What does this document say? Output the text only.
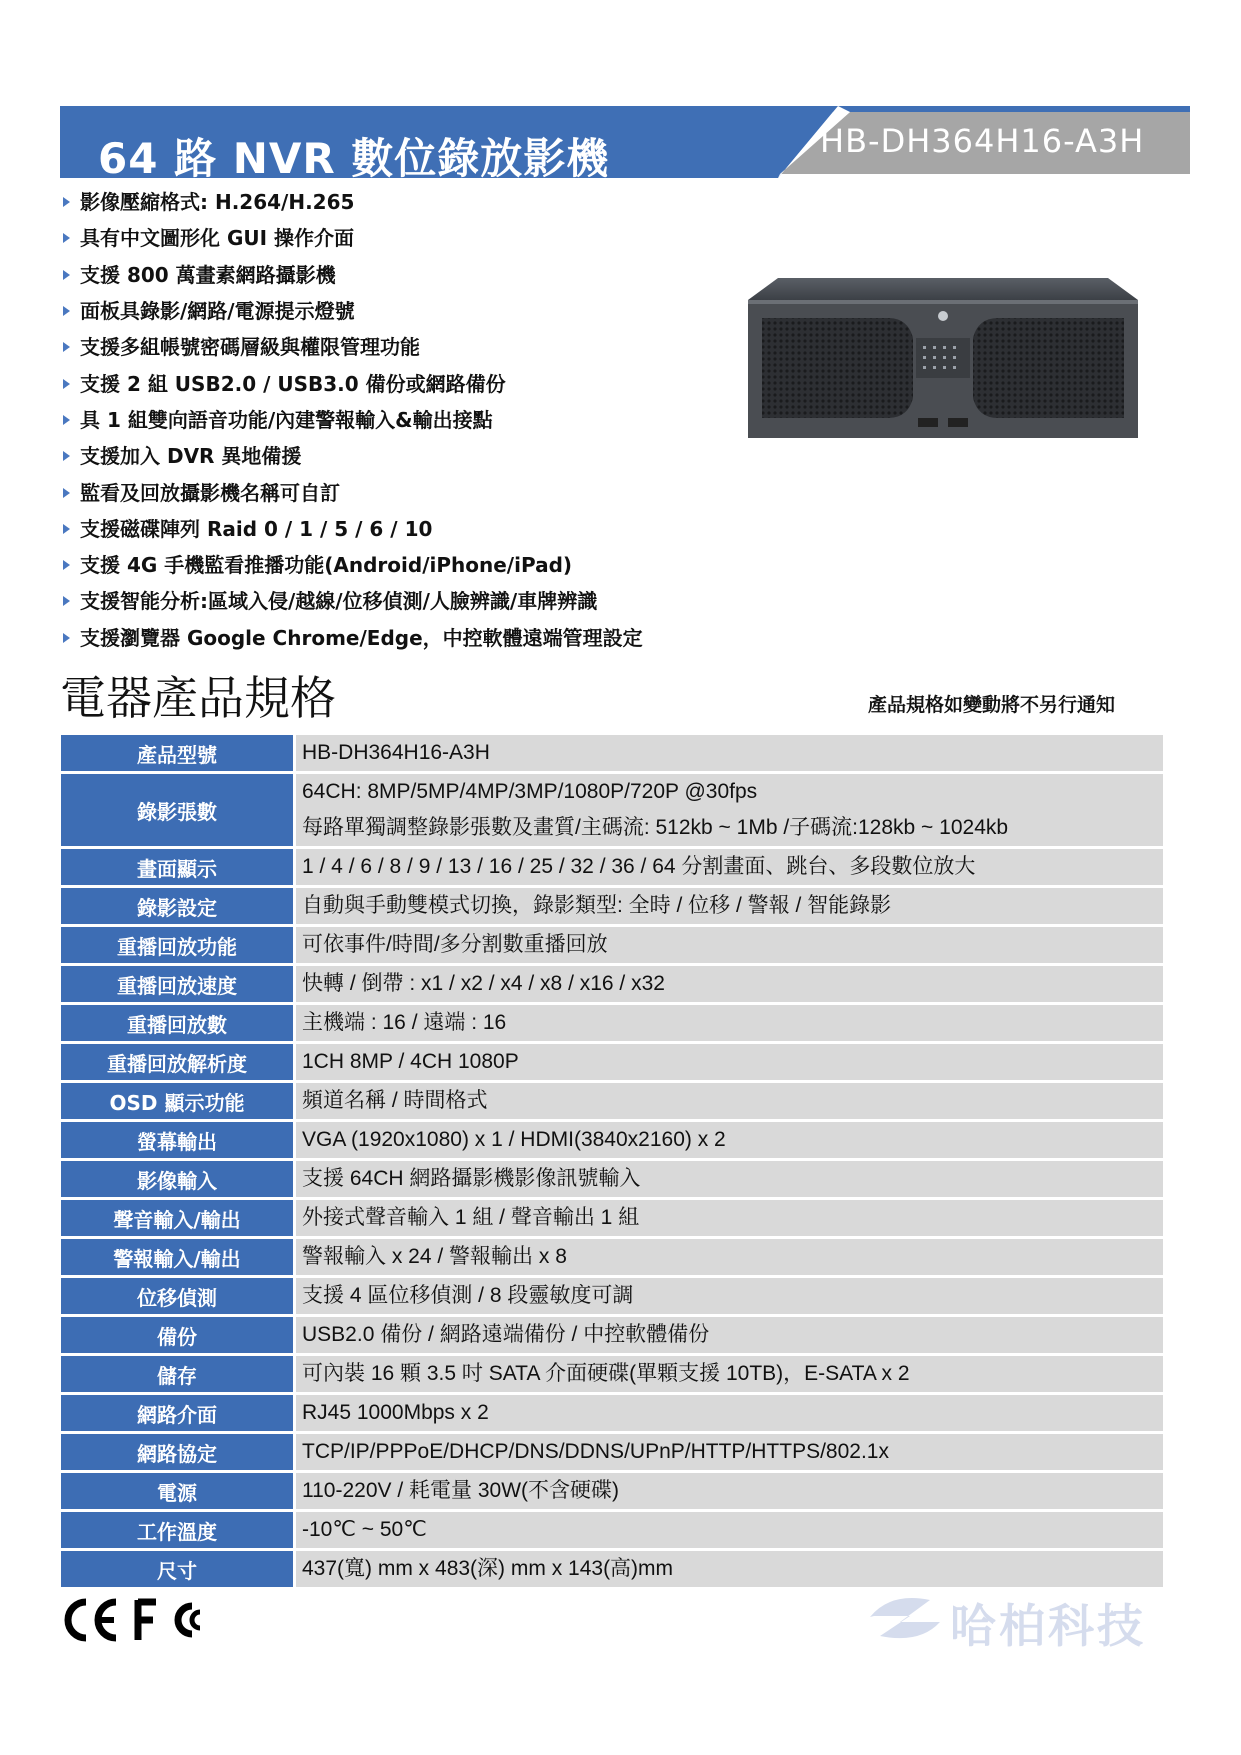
64 路 NVR 數位錄放影機	HB-DH364H16-A3H
影像壓縮格式: H.264/H.265
具有中文圖形化 GUI 操作介面
支援 800 萬畫素網路攝影機
面板具錄影/網路/電源提示燈號
支援多組帳號密碼層級與權限管理功能
支援 2 組 USB2.0 / USB3.0 備份或網路備份
具 1 組雙向語音功能/內建警報輸入&輸出接點
支援加入 DVR 異地備援
監看及回放攝影機名稱可自訂
支援磁碟陣列 Raid 0 / 1 / 5 / 6 / 10
支援 4G 手機監看推播功能(Android/iPhone/iPad)
支援智能分析:區域入侵/越線/位移偵測/人臉辨識/車牌辨識
支援瀏覽器 Google Chrome/Edge，中控軟體遠端管理設定
電器產品規格	產品規格如變動將不另行通知
產品型號	HB-DH364H16-A3H

錄影張數	64CH: 8MP/5MP/4MP/3MP/1080P/720P @30fps
每路單獨調整錄影張數及畫質/主碼流: 512kb ~ 1Mb /子碼流:128kb ~ 1024kb

畫面顯示	1 / 4 / 6 / 8 / 9 / 13 / 16 / 25 / 32 / 36 / 64 分割畫面、跳台、多段數位放大

錄影設定	自動與手動雙模式切換，錄影類型: 全時 / 位移 / 警報 / 智能錄影

重播回放功能	可依事件/時間/多分割數重播回放

重播回放速度	快轉 / 倒帶 : x1 / x2 / x4 / x8 / x16 / x32

重播回放數	主機端 : 16 / 遠端 : 16

重播回放解析度	1CH 8MP / 4CH 1080P

OSD 顯示功能	頻道名稱 / 時間格式

螢幕輸出	VGA (1920x1080) x 1 / HDMI(3840x2160) x 2

影像輸入	支援 64CH 網路攝影機影像訊號輸入

聲音輸入/輸出	外接式聲音輸入 1 組 / 聲音輸出 1 組

警報輸入/輸出	警報輸入 x 24 / 警報輸出 x 8

位移偵測	支援 4 區位移偵測 / 8 段靈敏度可調

備份	USB2.0 備份 / 網路遠端備份 / 中控軟體備份

儲存	可內裝 16 顆 3.5 吋 SATA 介面硬碟(單顆支援 10TB)，E-SATA x 2

網路介面	RJ45 1000Mbps x 2

網路協定	TCP/IP/PPPoE/DHCP/DNS/DDNS/UPnP/HTTP/HTTPS/802.1x

電源	110-220V / 耗電量 30W(不含硬碟)

工作溫度	-10℃ ~ 50℃

尺寸	437(寬) mm x 483(深) mm x 143(高)mm
哈柏科技
